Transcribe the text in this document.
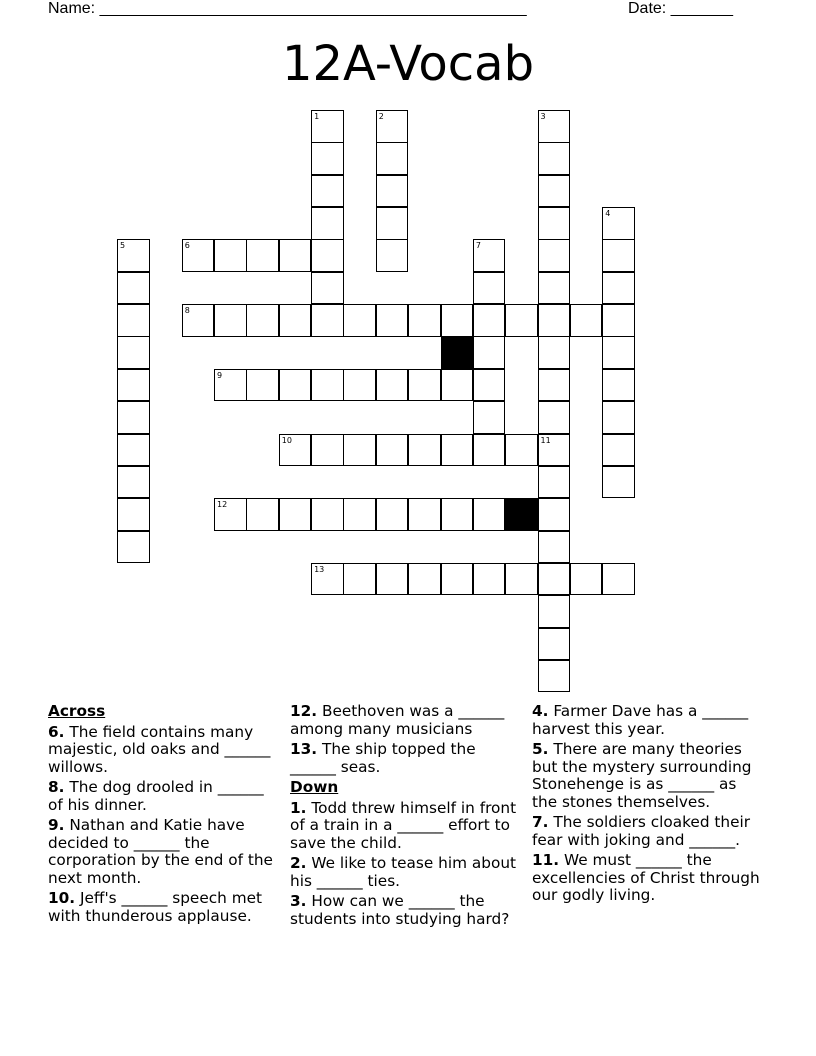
Name: ________________________________________________	Date: _______
12A-Vocab
1	2	3
11
4
5	6	7
8
9
10
12
13
Across
6. The field contains many majestic, old oaks and ______ willows.
8. The dog drooled in ______ of his dinner.
9. Nathan and Katie have decided to ______ the corporation by the end of the next month.
10. Jeff's ______ speech met with thunderous applause.
12. Beethoven was a ______ among many musicians
13. The ship topped the ______ seas.
Down
1. Todd threw himself in front of a train in a ______ effort to save the child.
2. We like to tease him about his ______ ties.
3. How can we ______ the students into studying hard?
4. Farmer Dave has a ______ harvest this year.
5. There are many theories but the mystery surrounding Stonehenge is as ______ as the stones themselves.
7. The soldiers cloaked their fear with joking and ______.
11. We must ______ the excellencies of Christ through our godly living.
